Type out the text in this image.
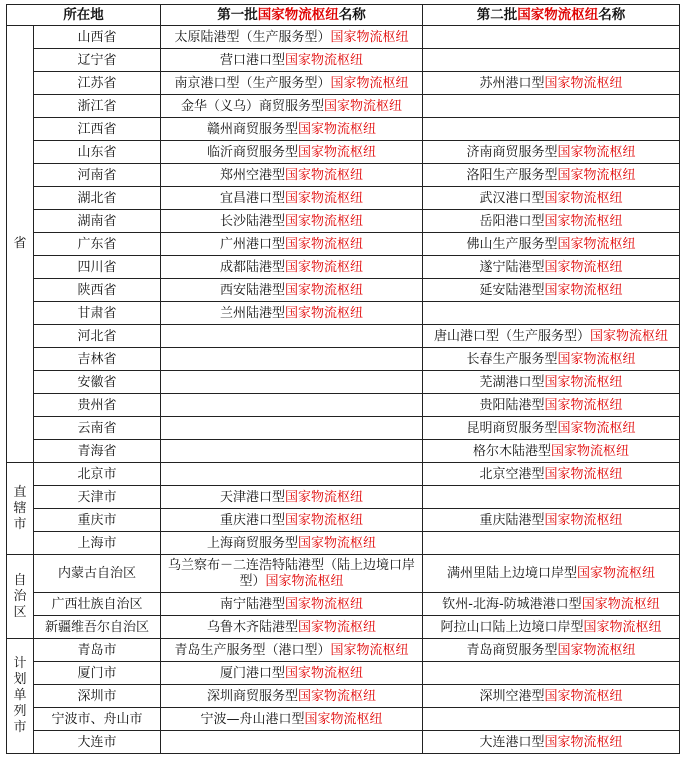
所在地		第一批国家物流枢纽名称	第二批国家物流枢纽名称
省	山西省	太原陆港型（生产服务型）国家物流枢纽	
	辽宁省	营口港口型国家物流枢纽	
	江苏省	南京港口型（生产服务型）国家物流枢纽	苏州港口型国家物流枢纽
	浙江省	金华（义乌）商贸服务型国家物流枢纽	
	江西省	赣州商贸服务型国家物流枢纽	
	山东省	临沂商贸服务型国家物流枢纽	济南商贸服务型国家物流枢纽
	河南省	郑州空港型国家物流枢纽	洛阳生产服务型国家物流枢纽
	湖北省	宜昌港口型国家物流枢纽	武汉港口型国家物流枢纽
	湖南省	长沙陆港型国家物流枢纽	岳阳港口型国家物流枢纽
	广东省	广州港口型国家物流枢纽	佛山生产服务型国家物流枢纽
	四川省	成都陆港型国家物流枢纽	遂宁陆港型国家物流枢纽
	陕西省	西安陆港型国家物流枢纽	延安陆港型国家物流枢纽
	甘肃省	兰州陆港型国家物流枢纽	
	河北省		唐山港口型（生产服务型）国家物流枢纽
	吉林省		长春生产服务型国家物流枢纽
	安徽省		芜湖港口型国家物流枢纽
	贵州省		贵阳陆港型国家物流枢纽
	云南省		昆明商贸服务型国家物流枢纽
	青海省		格尔木陆港型国家物流枢纽
直辖市	北京市		北京空港型国家物流枢纽
	天津市	天津港口型国家物流枢纽	
	重庆市	重庆港口型国家物流枢纽	重庆陆港型国家物流枢纽
	上海市	上海商贸服务型国家物流枢纽	
自治区	内蒙古自治区	乌兰察布－二连浩特陆港型（陆上边境口岸型）国家物流枢纽	满州里陆上边境口岸型国家物流枢纽
	广西壮族自治区	南宁陆港型国家物流枢纽	钦州-北海-防城港港口型国家物流枢纽
	新疆维吾尔自治区	乌鲁木齐陆港型国家物流枢纽	阿拉山口陆上边境口岸型国家物流枢纽
计划单列市	青岛市	青岛生产服务型（港口型）国家物流枢纽	青岛商贸服务型国家物流枢纽
	厦门市	厦门港口型国家物流枢纽	
	深圳市	深圳商贸服务型国家物流枢纽	深圳空港型国家物流枢纽
	宁波市、舟山市	宁波—舟山港口型国家物流枢纽	
	大连市		大连港口型国家物流枢纽
